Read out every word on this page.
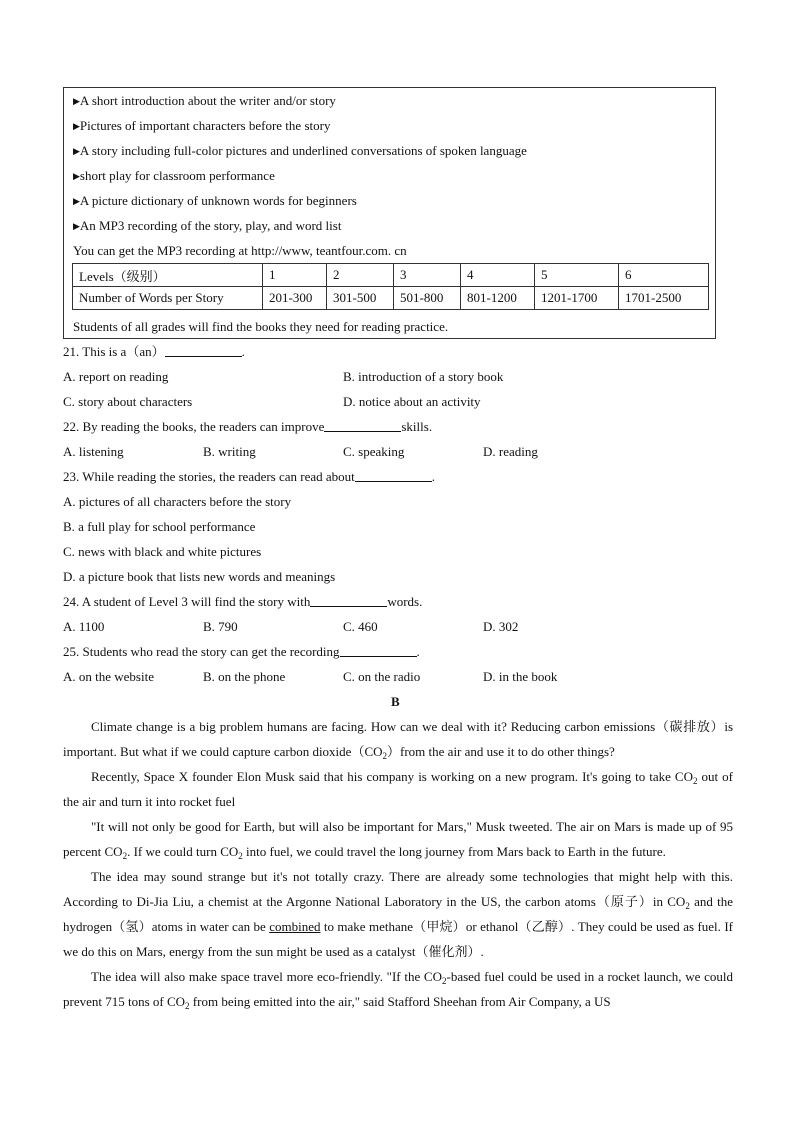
▶A short introduction about the writer and/or story
▶Pictures of important characters before the story
▶A story including full-color pictures and underlined conversations of spoken language
▶short play for classroom performance
▶A picture dictionary of unknown words for beginners
▶An MP3 recording of the story, play, and word list
You can get the MP3 recording at http://www, teantfour.com. cn
Levels（级别）	1	2	3	4	5	6
Number of Words per Story	201-300	301-500	501-800	801-1200	1201-1700	1701-2500
Students of all grades will find the books they need for reading practice.
21. This is a（an）	.
A. report on reading	B. introduction of a story book
C. story about characters	D. notice about an activity
22. By reading the books, the readers can improve	skills.
A. listening	B. writing	C. speaking	D. reading
23. While reading the stories, the readers can read about	.
A. pictures of all characters before the story
B. a full play for school performance
C. news with black and white pictures
D. a picture book that lists new words and meanings
24. A student of Level 3 will find the story with	words.
A. 1100	B. 790	C. 460	D. 302
25. Students who read the story can get the recording	.
A. on the website	B. on the phone	C. on the radio	D. in the book
B

Climate change is a big problem humans are facing. How can we deal with it? Reducing carbon emissions（碳排放）is important. But what if we could capture carbon $dioxide(CO_2)from$ the air and use it to do other things?

Recently, Space X founder Elon Musk said that his company is working on a new program. It's going to take $CO_2$ out of the air and turn it into rocket fuel

"It will not only be good for Earth, but will also be important for Mars," Musk tweeted. The air on Mars is made up of 95 percent $CO_2$. If we could turn $CO_2$ into fuel, we could travel the long journey from Mars back to Earth in the future.

The idea may sound strange but it's not totally crazy. There are already some technologies that might help with this. According to Di-Jia Liu, a chemist at the Argonne National Laboratory in the US, the carbon atoms（原子）in $CO_2$ and the hydrogen（氢）atoms in water can be combined to make methane（甲烷）or ethanol（乙醇）. They could be used as fuel. If we do this on Mars, energy from the sun might be used as a catalyst（催化剂）.

The idea will also make space travel more eco-friendly. "If the $CO_2$-based fuel could be used in a rocket launch, we could prevent 715 tons of $CO_2$ from being emitted into the air," said Stafford Sheehan from Air Company, a US
